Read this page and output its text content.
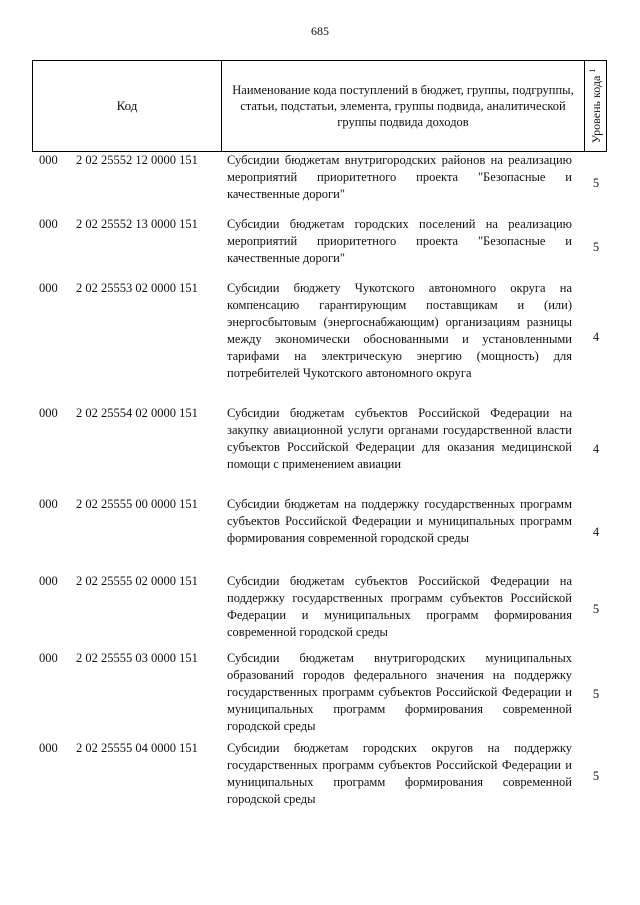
685
Код
Наименование кода поступлений в бюджет, группы, подгруппы, статьи, подстатьи, элемента, группы подвида, аналитической группы подвида доходов	Уровень кода $^1$
000 2 02 25552 12 0000 151 Субсидии бюджетам внутригородских районов на реализацию мероприятий приоритетного проекта "Безопасные и качественные дороги"
5
000 2 02 25552 13 0000 151 Субсидии бюджетам городских поселений на реализацию мероприятий приоритетного проекта "Безопасные и качественные дороги"
5
000 2 02 25553 02 0000 151 Субсидии бюджету Чукотского автономного округа на компенсацию гарантирующим поставщикам и (или) энергосбытовым (энергоснабжающим) организациям разницы между экономически обоснованными и установленными тарифами на электрическую энергию (мощность) для потребителей Чукотского автономного округа
4
000 2 02 25554 02 0000 151 Субсидии бюджетам субъектов Российской Федерации на закупку авиационной услуги органами государственной власти субъектов Российской Федерации для оказания медицинской помощи с применением авиации
4
000 2 02 25555 00 0000 151 Субсидии бюджетам на поддержку государственных программ субъектов Российской Федерации и муниципальных программ формирования современной городской среды	4
000 2 02 25555 02 0000 151 Субсидии бюджетам субъектов Российской Федерации на поддержку государственных программ субъектов Российской Федерации и муниципальных программ формирования современной городской среды
5
000 2 02 25555 03 0000 151 Субсидии бюджетам внутригородских муниципальных образований городов федерального значения на поддержку государственных программ субъектов Российской Федерации и муниципальных программ формирования современной городской среды
5
000 2 02 25555 04 0000 151 Субсидии бюджетам городских округов на поддержку государственных программ субъектов Российской Федерации и муниципальных программ формирования современной городской среды
5
